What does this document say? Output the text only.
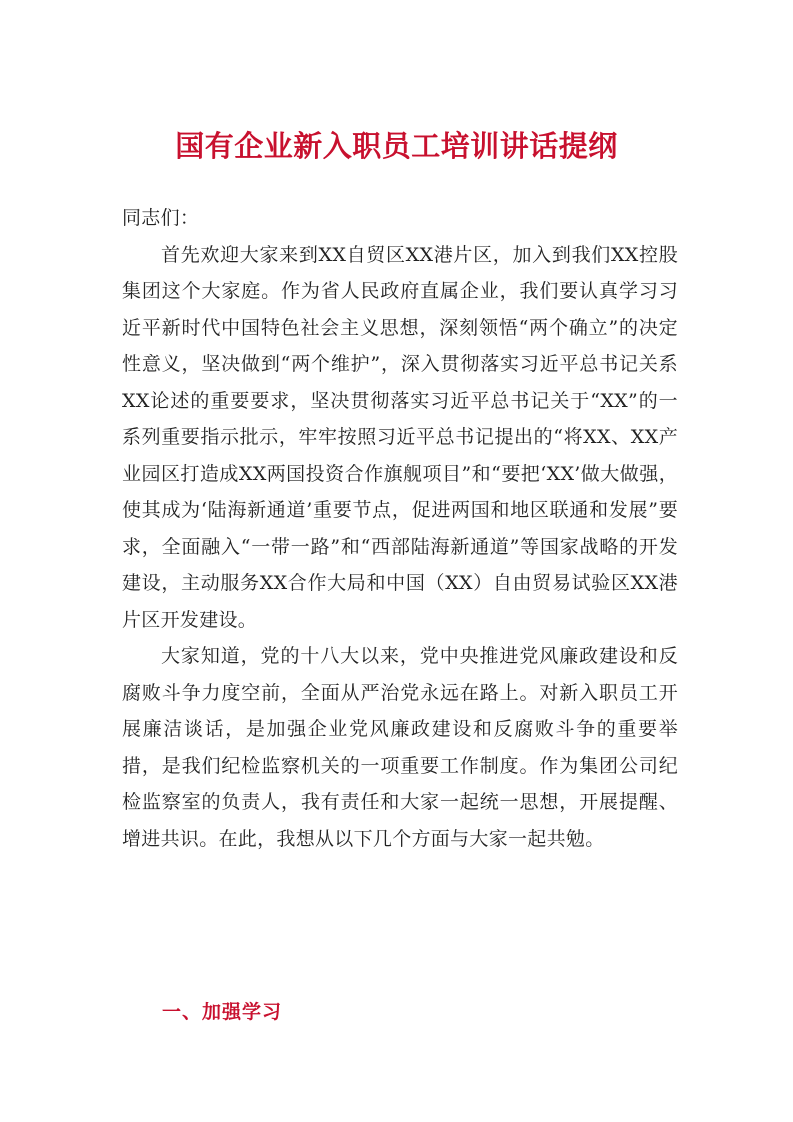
国有企业新入职员工培训讲话提纲

同志们：

首先欢迎大家来到XX自贸区XX港片区，加入到我们XX控股集团这个大家庭。作为省人民政府直属企业，我们要认真学习习近平新时代中国特色社会主义思想，深刻领悟“两个确立”的决定性意义，坚决做到“两个维护”，深入贯彻落实习近平总书记关系XX论述的重要要求，坚决贯彻落实习近平总书记关于“XX”的一系列重要指示批示，牢牢按照习近平总书记提出的“将XX、XX产业园区打造成XX两国投资合作旗舰项目”和“要把‘XX’做大做强，使其成为‘陆海新通道’重要节点，促进两国和地区联通和发展”要求，全面融入“一带一路”和“西部陆海新通道”等国家战略的开发建设，主动服务XX合作大局和中国（XX）自由贸易试验区XX港片区开发建设。

大家知道，党的十八大以来，党中央推进党风廉政建设和反腐败斗争力度空前，全面从严治党永远在路上。对新入职员工开展廉洁谈话，是加强企业党风廉政建设和反腐败斗争的重要举措，是我们纪检监察机关的一项重要工作制度。作为集团公司纪检监察室的负责人，我有责任和大家一起统一思想，开展提醒、增进共识。在此，我想从以下几个方面与大家一起共勉。

一、加强学习
